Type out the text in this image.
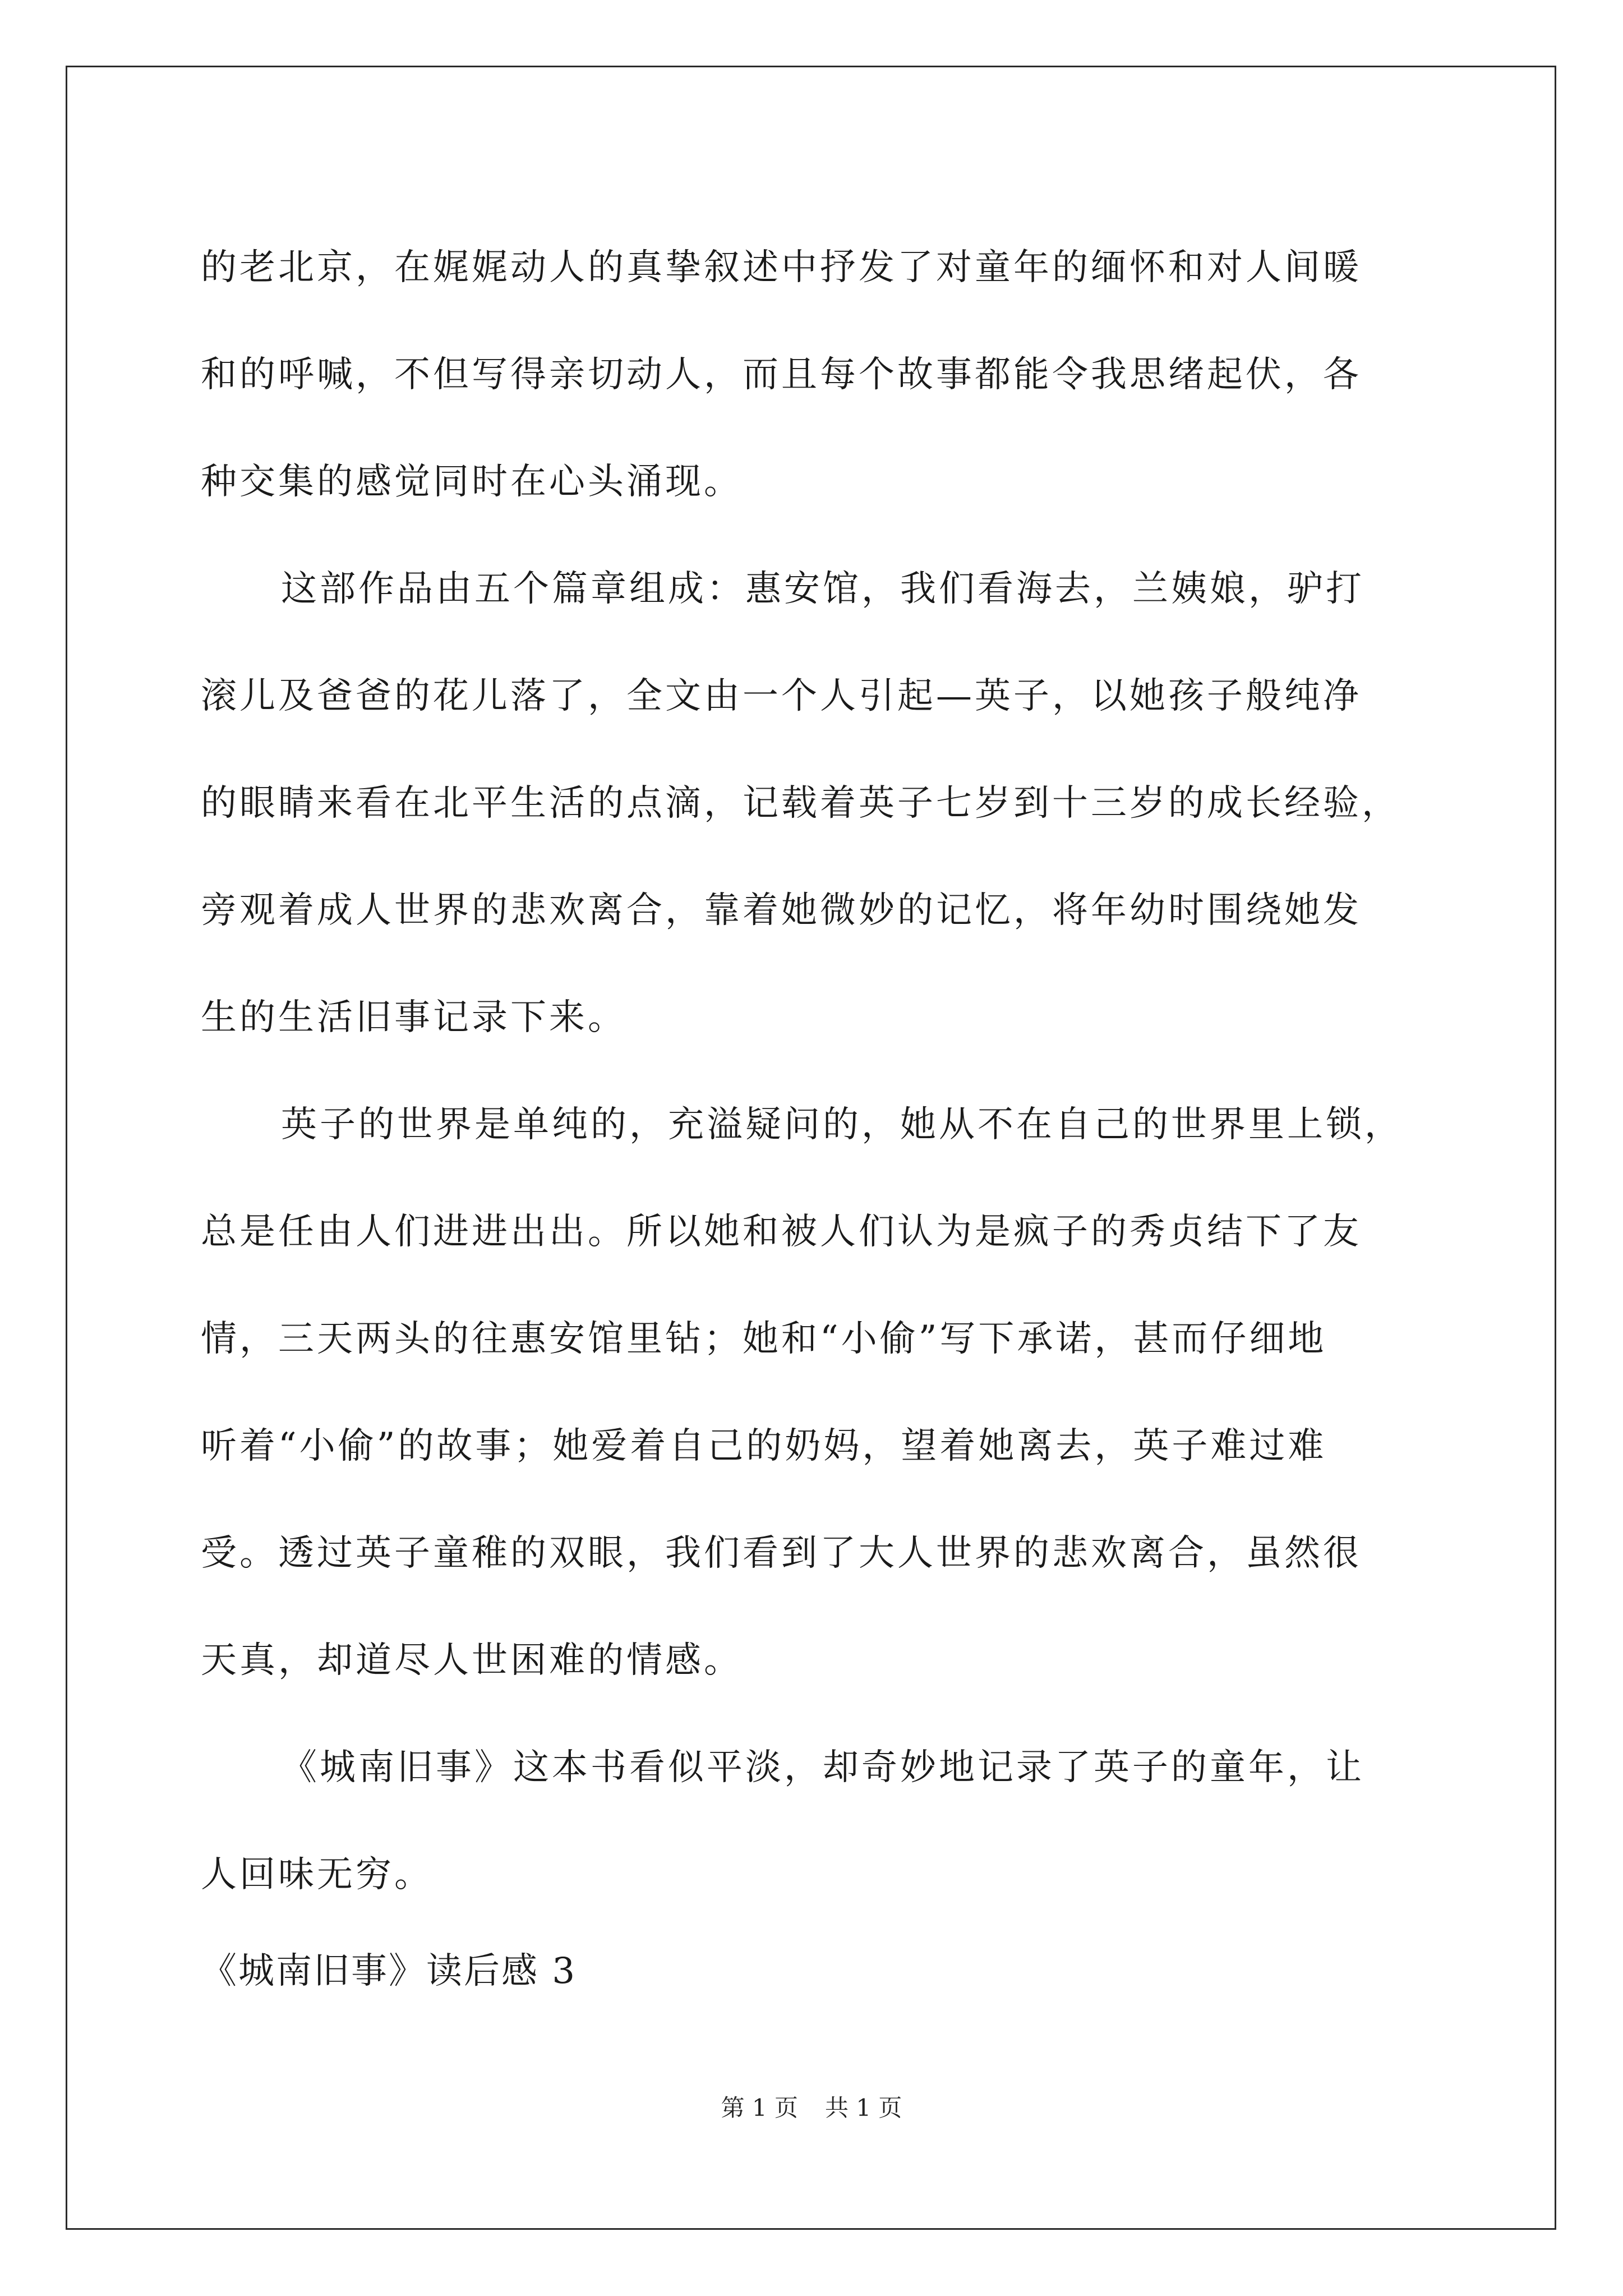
的老北京，在娓娓动人的真挚叙述中抒发了对童年的缅怀和对人间暖
和的呼喊，不但写得亲切动人，而且每个故事都能令我思绪起伏，各
种交集的感觉同时在心头涌现。

这部作品由五个篇章组成：惠安馆，我们看海去，兰姨娘，驴打
滚儿及爸爸的花儿落了，全文由一个人引起—英子，以她孩子般纯净
的眼睛来看在北平生活的点滴，记载着英子七岁到十三岁的成长经验，
旁观着成人世界的悲欢离合，靠着她微妙的记忆，将年幼时围绕她发
生的生活旧事记录下来。

英子的世界是单纯的，充溢疑问的，她从不在自己的世界里上锁，
总是任由人们进进出出。所以她和被人们认为是疯子的秀贞结下了友
情，三天两头的往惠安馆里钻；她和“小偷”写下承诺，甚而仔细地
听着“小偷”的故事；她爱着自己的奶妈，望着她离去，英子难过难
受。透过英子童稚的双眼，我们看到了大人世界的悲欢离合，虽然很
天真，却道尽人世困难的情感。

《城南旧事》这本书看似平淡，却奇妙地记录了英子的童年，让
人回味无穷。

《城南旧事》读后感 3
第 1 页 共 1 页
